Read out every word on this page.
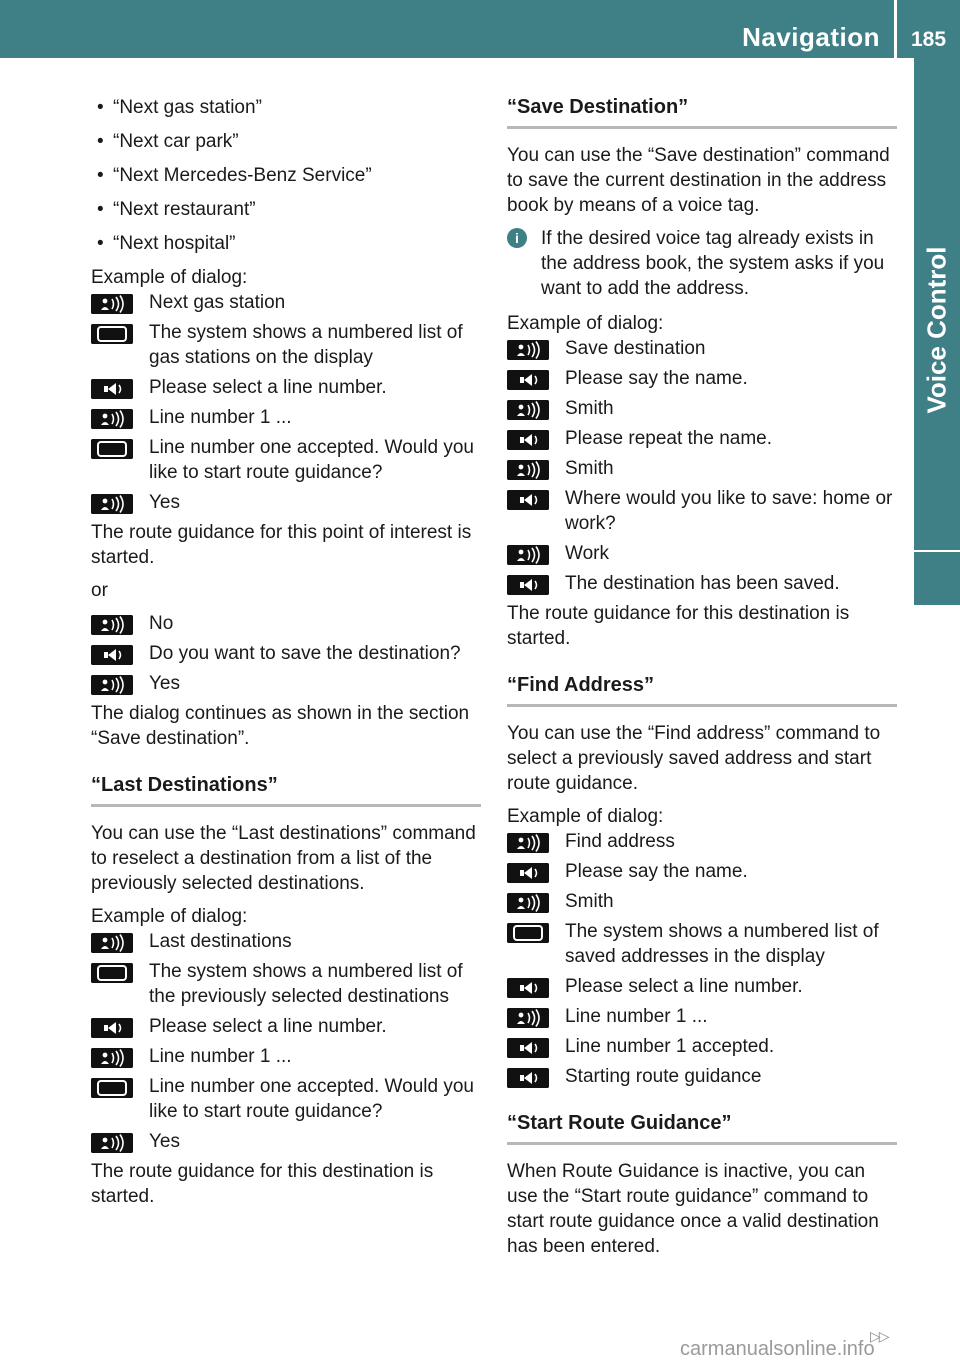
Navigation	185
Voice Control
• “Next gas station”
• “Next car park”
• “Next Mercedes-Benz Service”
• “Next restaurant”
• “Next hospital”
Example of dialog:
Next gas station
The system shows a numbered list of gas stations on the display
Please select a line number.
Line number 1 ...
Line number one accepted. Would you like to start route guidance?
Yes
The route guidance for this point of interest is started.
or
No
Do you want to save the destination?
Yes
The dialog continues as shown in the section “Save destination”.
“Last Destinations”
You can use the “Last destinations” command to reselect a destination from a list of the previously selected destinations.
Example of dialog:
Last destinations
The system shows a numbered list of the previously selected destinations
Please select a line number.
Line number 1 ...
Line number one accepted. Would you like to start route guidance?
Yes
The route guidance for this destination is started.
“Save Destination”
You can use the “Save destination” command to save the current destination in the address book by means of a voice tag.
i	If the desired voice tag already exists in the address book, the system asks if you want to add the address.
Example of dialog:
Save destination
Please say the name.
Smith
Please repeat the name.
Smith
Where would you like to save: home or work?
Work
The destination has been saved.
The route guidance for this destination is started.
“Find Address”
You can use the “Find address” command to select a previously saved address and start route guidance.
Example of dialog:
Find address
Please say the name.
Smith
The system shows a numbered list of saved addresses in the display
Please select a line number.
Line number 1 ...
Line number 1 accepted.
Starting route guidance
“Start Route Guidance”
When Route Guidance is inactive, you can use the “Start route guidance” command to start route guidance once a valid destination has been entered.
▷▷
carmanualsonline.info
